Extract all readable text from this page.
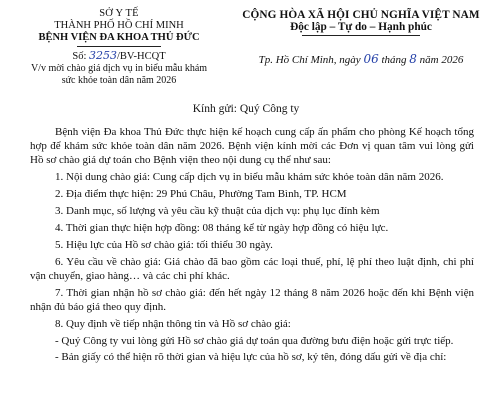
SỞ Y TẾ
THÀNH PHỐ HỒ CHÍ MINH
BỆNH VIỆN ĐA KHOA THỦ ĐỨC
Số: 3253/BV-HCQT
V/v mời chào giá dịch vụ in biểu mẫu khám
sức khỏe toàn dân năm 2026
CỘNG HÒA XÃ HỘI CHỦ NGHĨA VIỆT NAM
Độc lập – Tự do – Hạnh phúc
Tp. Hồ Chí Minh, ngày 06 tháng 8 năm 2026
Kính gửi: Quý Công ty

Bệnh viện Đa khoa Thủ Đức thực hiện kế hoạch cung cấp ấn phẩm cho phòng Kế hoạch tổng hợp để khám sức khỏe toàn dân năm 2026. Bệnh viện kính mời các Đơn vị quan tâm vui lòng gửi Hồ sơ chào giá dự toán cho Bệnh viện theo nội dung cụ thể như sau:

1. Nội dung chào giá: Cung cấp dịch vụ in biểu mẫu khám sức khỏe toàn dân năm 2026.

2. Địa điểm thực hiện: 29 Phú Châu, Phường Tam Bình, TP. HCM

3. Danh mục, số lượng và yêu cầu kỹ thuật của dịch vụ: phụ lục đính kèm

4. Thời gian thực hiện hợp đồng: 08 tháng kể từ ngày hợp đồng có hiệu lực.

5. Hiệu lực của Hồ sơ chào giá: tối thiểu 30 ngày.

6. Yêu cầu về chào giá: Giá chào đã bao gồm các loại thuế, phí, lệ phí theo luật định, chi phí vận chuyển, giao hàng… và các chi phí khác.

7. Thời gian nhận hồ sơ chào giá: đến hết ngày 12 tháng 8 năm 2026 hoặc đến khi Bệnh viện nhận đủ báo giá theo quy định.

8. Quy định về tiếp nhận thông tin và Hồ sơ chào giá:

- Quý Công ty vui lòng gửi Hồ sơ chào giá dự toán qua đường bưu điện hoặc gửi trực tiếp.

- Bản giấy có thể hiện rõ thời gian và hiệu lực của hồ sơ, ký tên, đóng dấu gửi về địa chỉ:
